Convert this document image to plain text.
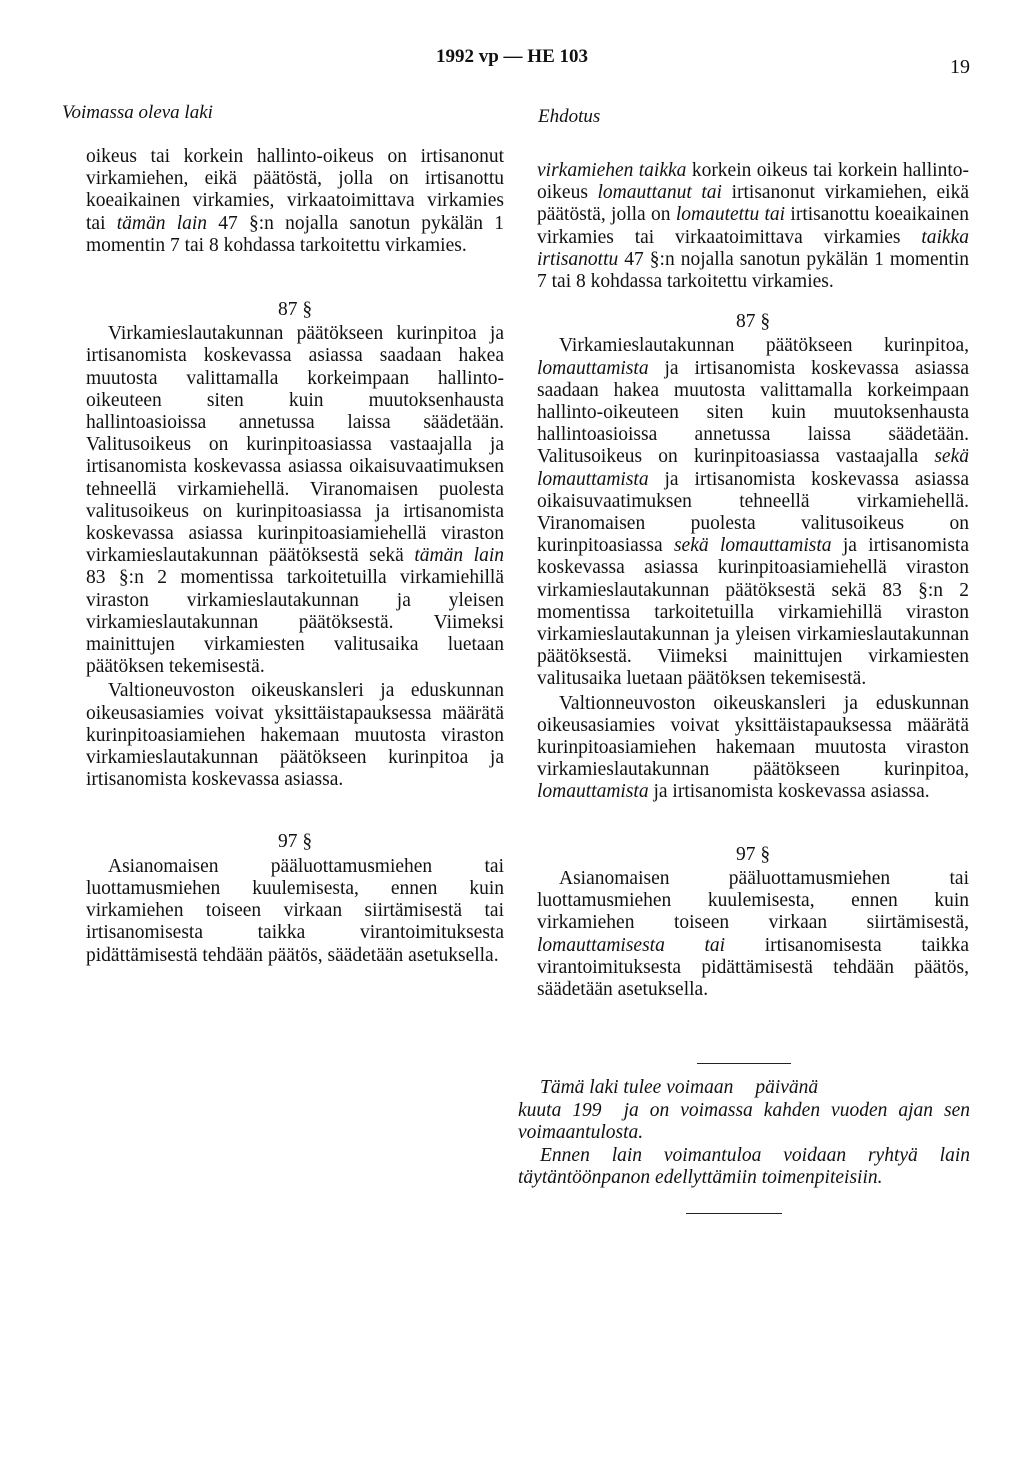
1992 vp — HE 103	19
Voimassa oleva laki	Ehdotus

oikeus tai korkein hallinto-oikeus on irtisanonut virkamiehen, eikä päätöstä, jolla on irtisanottu koeaikainen virkamies, virkaatoimittava virkamies tai tämän lain 47 §:n nojalla sanotun pykälän 1 momentin 7 tai 8 kohdassa tarkoitettu virkamies.

87 §

Virkamieslautakunnan päätökseen kurinpitoa ja irtisanomista koskevassa asiassa saadaan hakea muutosta valittamalla korkeimpaan hallinto-oikeuteen siten kuin muutoksenhausta hallintoasioissa annetussa laissa säädetään. Valitusoikeus on kurinpitoasiassa vastaajalla ja irtisanomista koskevassa asiassa oikaisuvaatimuksen tehneellä virkamiehellä. Viranomaisen puolesta valitusoikeus on kurinpitoasiassa ja irtisanomista koskevassa asiassa kurinpitoasiamiehellä viraston virkamieslautakunnan päätöksestä sekä tämän lain 83 §:n 2 momentissa tarkoitetuilla virkamiehillä viraston virkamieslautakunnan ja yleisen virkamieslautakunnan päätöksestä. Viimeksi mainittujen virkamiesten valitusaika luetaan päätöksen tekemisestä.

Valtioneuvoston oikeuskansleri ja eduskunnan oikeusasiamies voivat yksittäistapauksessa määrätä kurinpitoasiamiehen hakemaan muutosta viraston virkamieslautakunnan päätökseen kurinpitoa ja irtisanomista koskevassa asiassa.

97 §

Asianomaisen pääluottamusmiehen tai luottamusmiehen kuulemisesta, ennen kuin virkamiehen toiseen virkaan siirtämisestä tai irtisanomisesta taikka virantoimituksesta pidättämisestä tehdään päätös, säädetään asetuksella.

virkamiehen taikka korkein oikeus tai korkein hallinto-oikeus lomauttanut tai irtisanonut virkamiehen, eikä päätöstä, jolla on lomautettu tai irtisanottu koeaikainen virkamies tai virkaatoimittava virkamies taikka irtisanottu 47 §:n nojalla sanotun pykälän 1 momentin 7 tai 8 kohdassa tarkoitettu virkamies.

87 §

Virkamieslautakunnan päätökseen kurinpitoa, lomauttamista ja irtisanomista koskevassa asiassa saadaan hakea muutosta valittamalla korkeimpaan hallinto-oikeuteen siten kuin muutoksenhausta hallintoasioissa annetussa laissa säädetään. Valitusoikeus on kurinpitoasiassa vastaajalla sekä lomauttamista ja irtisanomista koskevassa asiassa oikaisuvaatimuksen tehneellä virkamiehellä. Viranomaisen puolesta valitusoikeus on kurinpitoasiassa sekä lomauttamista ja irtisanomista koskevassa asiassa kurinpitoasiamiehellä viraston virkamieslautakunnan päätöksestä sekä 83 §:n 2 momentissa tarkoitetuilla virkamiehillä viraston virkamieslautakunnan ja yleisen virkamieslautakunnan päätöksestä. Viimeksi mainittujen virkamiesten valitusaika luetaan päätöksen tekemisestä.

Valtionneuvoston oikeuskansleri ja eduskunnan oikeusasiamies voivat yksittäistapauksessa määrätä kurinpitoasiamiehen hakemaan muutosta viraston virkamieslautakunnan päätökseen kurinpitoa, lomauttamista ja irtisanomista koskevassa asiassa.

97 §

Asianomaisen pääluottamusmiehen tai luottamusmiehen kuulemisesta, ennen kuin virkamiehen toiseen virkaan siirtämisestä, lomauttamisesta tai irtisanomisesta taikka virantoimituksesta pidättämisestä tehdään päätös, säädetään asetuksella.

Tämä laki tulee voimaan päivänä
kuuta 199 ja on voimassa kahden vuoden ajan sen voimaantulosta.

Ennen lain voimantuloa voidaan ryhtyä lain täytäntöönpanon edellyttämiin toimenpiteisiin.
